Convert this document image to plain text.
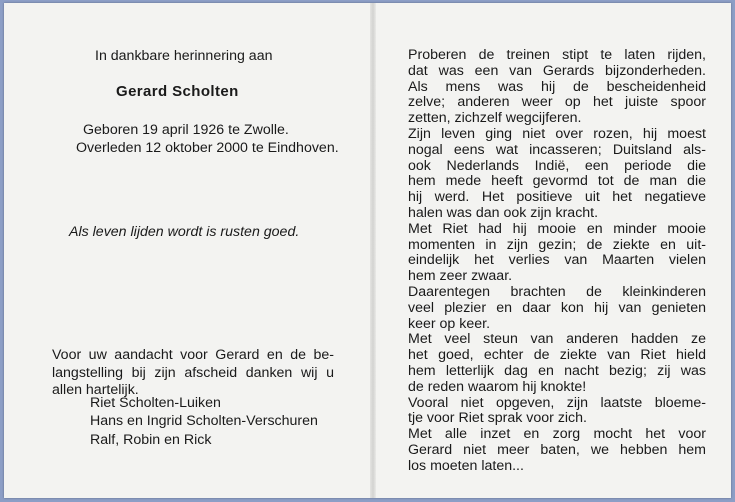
In dankbare herinnering aan
Gerard Scholten
Geboren 19 april 1926 te Zwolle.
Overleden 12 oktober 2000 te Eindhoven.
Als leven lijden wordt is rusten goed.

Voor uw aandacht voor Gerard en de be-
langstelling bij zijn afscheid danken wij u
allen hartelijk.

Riet Scholten-Luiken
Hans en Ingrid Scholten-Verschuren
Ralf, Robin en Rick
Proberen de treinen stipt te laten rijden,
dat was een van Gerards bijzonderheden.
Als mens was hij de bescheidenheid
zelve; anderen weer op het juiste spoor
zetten, zichzelf wegcijferen.
Zijn leven ging niet over rozen, hij moest
nogal eens wat incasseren; Duitsland als-
ook Nederlands Indië, een periode die
hem mede heeft gevormd tot de man die
hij werd. Het positieve uit het negatieve
halen was dan ook zijn kracht.
Met Riet had hij mooie en minder mooie
momenten in zijn gezin; de ziekte en uit-
eindelijk het verlies van Maarten vielen
hem zeer zwaar.
Daarentegen brachten de kleinkinderen
veel plezier en daar kon hij van genieten
keer op keer.
Met veel steun van anderen hadden ze
het goed, echter de ziekte van Riet hield
hem letterlijk dag en nacht bezig; zij was
de reden waarom hij knokte!
Vooral niet opgeven, zijn laatste bloeme-
tje voor Riet sprak voor zich.
Met alle inzet en zorg mocht het voor
Gerard niet meer baten, we hebben hem
los moeten laten...
